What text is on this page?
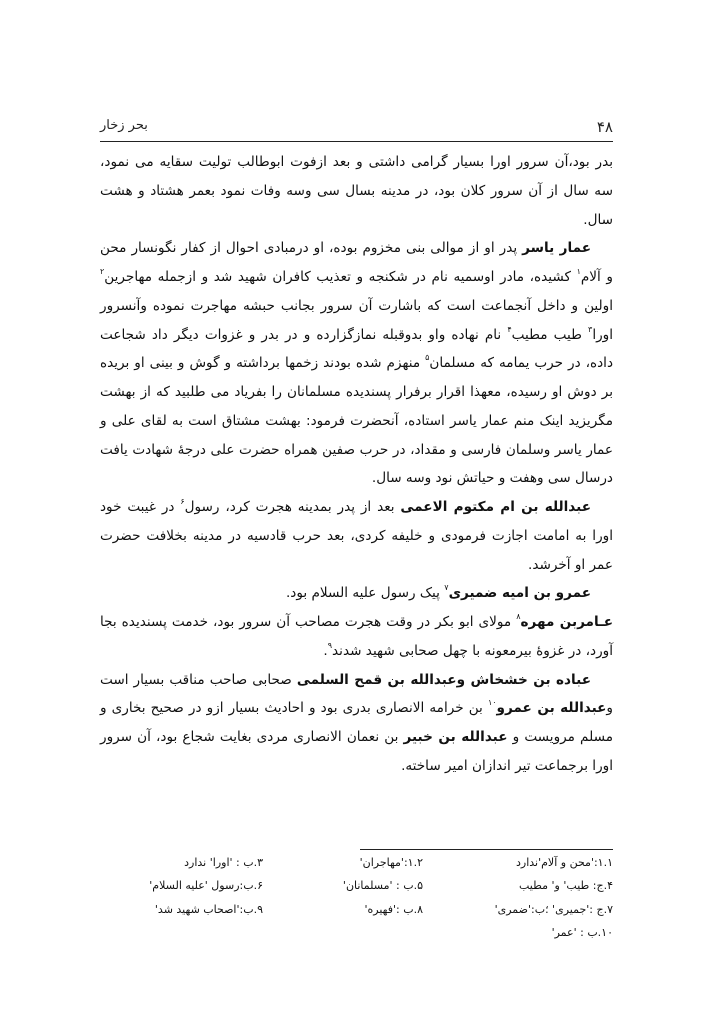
۴۸
بحر زخار

بدر بود،آن سرور اورا بسیار گرامی داشتی و بعد ازفوت ابوطالب تولیت سقایه می نمود، سه سال از آن سرور کلان بود، در مدینه بسال سی وسه وفات نمود بعمر هشتاد و هشت سال.

عمار یاسر پدر او از موالی بنی مخزوم بوده، او درمبادی احوال از کفار نگونسار محن و آلام$^۱$ کشیده، مادر اوسمیه نام در شکنجه و تعذیب کافران شهید شد و ازجمله مهاجرین$^۲$ اولین و داخل آنجماعت است که باشارت آن سرور بجانب حبشه مهاجرت نموده وآنسرور اورا$^۳$ طیب مطیب$^۴$ نام نهاده واو بدوقبله نمازگزارده و در بدر و غزوات دیگر داد شجاعت داده، در حرب یمامه که مسلمان$^۵$ منهزم شده بودند زخمها برداشته و گوش و بینی او بریده بر دوش او رسیده، معهذا اقرار برفرار پسندیده مسلمانان را بفریاد می طلبید که از بهشت مگریزید اینک منم عمار یاسر استاده، آنحضرت فرمود: بهشت مشتاق است به لقای علی و عمار یاسر وسلمان فارسی و مقداد، در حرب صفین همراه حضرت علی درجهٔ شهادت یافت درسال سی وهفت و حیاتش نود وسه سال.

عبدالله بن ام مکتوم الاعمی بعد از پدر بمدینه هجرت کرد، رسول$^۶$ در غیبت خود اورا به امامت اجازت فرمودی و خلیفه کردی، بعد حرب قادسیه در مدینه بخلافت حضرت عمر او آخرشد.

عمرو بن امیه ضمیری$^۷$ پیک رسول علیه السلام بود.

عـامربن مهره$^۸$ مولای ابو بکر در وقت هجرت مصاحب آن سرور بود، خدمت پسندیده بجا آورد، در غزوهٔ بیرمعونه با چهل صحابی شهید شدند$^۹$.

عباده بن خشخاش وعبدالله بن قمح السلمی صحابی صاحب مناقب بسیار است وعبدالله بن عمرو$^{۱۰}$ بن خرامه الانصاری بدری بود و احادیث بسیار ازو در صحیح بخاری و مسلم مرویست و عبدالله بن خبیر بن نعمان الانصاری مردی بغایت شجاع بود، آن سرور اورا برجماعت تیر اندازان امیر ساخته.

۱.۱:'محن و آلام'ندارد
۱.۲:'مهاجران'
۳.ب : 'اورا' ندارد
۴.ج: طیب' و' مطیب
۵.ب : 'مسلمانان'
۶.ب:رسول 'علیه السلام'
۷.ج :'جمیری' ؛ب:'ضمری'
۸.ب :'فهیره'
۹.ب:'اصحاب شهید شد'
۱۰.ب : 'عمر'
